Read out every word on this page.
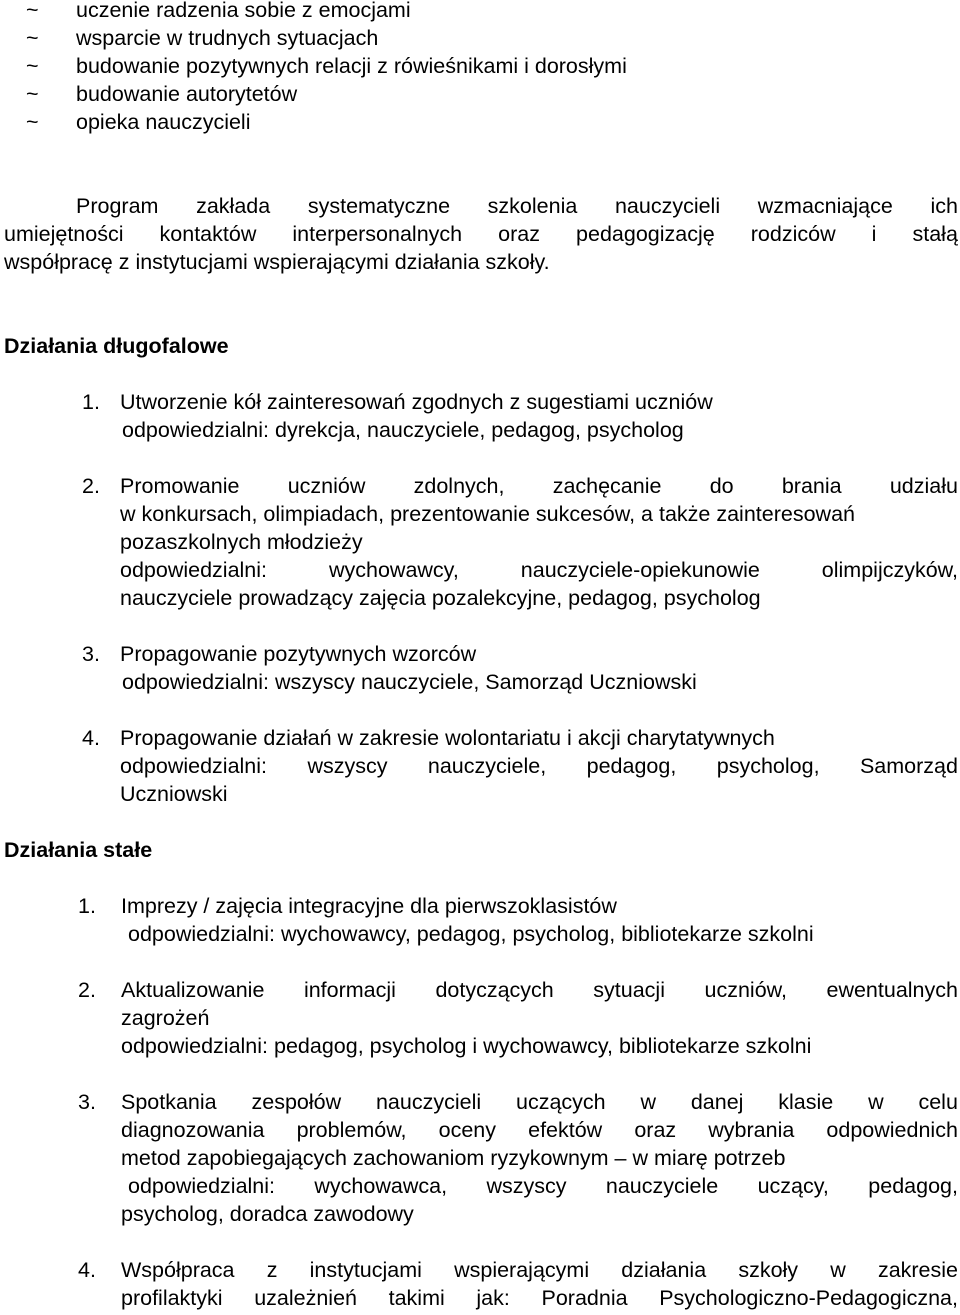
~ uczenie radzenia sobie z emocjami
~ wsparcie w trudnych sytuacjach
~ budowanie pozytywnych relacji z rówieśnikami i dorosłymi
~ budowanie autorytetów
~ opieka nauczycieli
Program zakłada systematyczne szkolenia nauczycieli wzmacniające ich
umiejętności kontaktów interpersonalnych oraz pedagogizację rodziców i stałą
współpracę z instytucjami wspierającymi działania szkoły.
Działania długofalowe
1. Utworzenie kół zainteresowań zgodnych z sugestiami uczniów
odpowiedzialni: dyrekcja, nauczyciele, pedagog, psycholog
2. Promowanie uczniów zdolnych, zachęcanie do brania udziału
w konkursach, olimpiadach, prezentowanie sukcesów, a także zainteresowań
pozaszkolnych młodzieży
odpowiedzialni:	wychowawcy,	nauczyciele-opiekunowie	olimpijczyków,
nauczyciele prowadzący zajęcia pozalekcyjne, pedagog, psycholog
3. Propagowanie pozytywnych wzorców
odpowiedzialni: wszyscy nauczyciele, Samorząd Uczniowski
4. Propagowanie działań w zakresie wolontariatu i akcji charytatywnych
odpowiedzialni: wszyscy nauczyciele, pedagog, psycholog, Samorząd
Uczniowski
Działania stałe
1. Imprezy / zajęcia integracyjne dla pierwszoklasistów
odpowiedzialni: wychowawcy, pedagog, psycholog, bibliotekarze szkolni
2. Aktualizowanie informacji dotyczących sytuacji uczniów, ewentualnych
zagrożeń
odpowiedzialni: pedagog, psycholog i wychowawcy, bibliotekarze szkolni
3. Spotkania zespołów nauczycieli uczących w danej klasie w celu
diagnozowania problemów, oceny efektów oraz wybrania odpowiednich
metod zapobiegających zachowaniom ryzykownym – w miarę potrzeb
odpowiedzialni: wychowawca, wszyscy nauczyciele uczący, pedagog,
psycholog, doradca zawodowy
4. Współpraca z instytucjami wspierającymi działania szkoły w zakresie
profilaktyki uzależnień takimi jak: Poradnia Psychologiczno-Pedagogiczna,
